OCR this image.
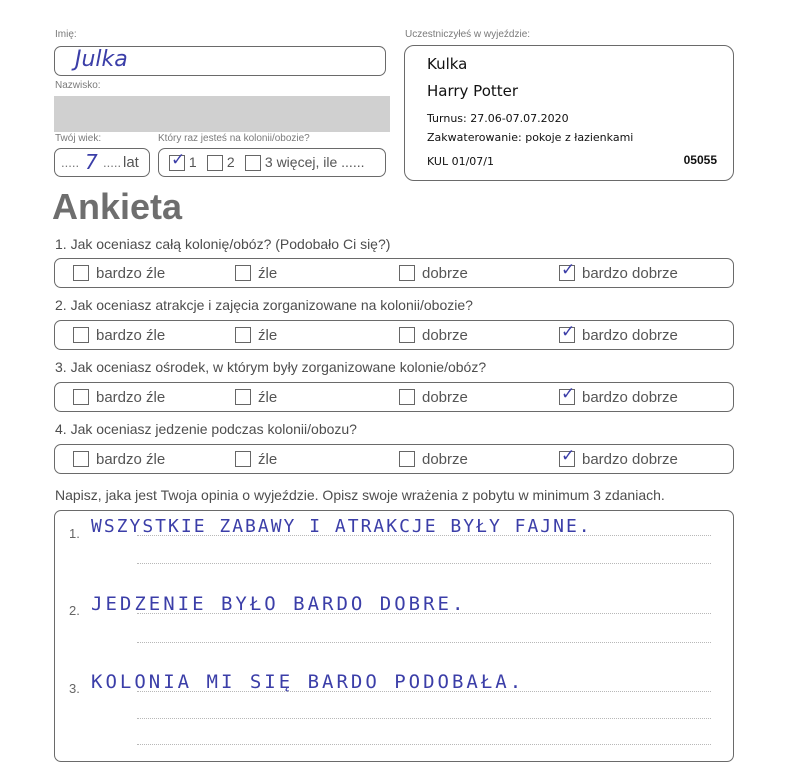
Imię:
Julka
Nazwisko:
Twój wiek:
..... 7 ..... lat
Który raz jesteś na kolonii/obozie?
✓ 1	2	3 więcej, ile ......
Uczestniczyłeś w wyjeździe:
Kulka
Harry Potter
Turnus: 27.06-07.07.2020
Zakwaterowanie: pokoje z łazienkami
KUL 01/07/1	05055
Ankieta
1. Jak oceniasz całą kolonię/obóz? (Podobało Ci się?)
bardzo źle	źle	dobrze	✓ bardzo dobrze
2. Jak oceniasz atrakcje i zajęcia zorganizowane na kolonii/obozie?
bardzo źle	źle	dobrze	✓ bardzo dobrze
3. Jak oceniasz ośrodek, w którym były zorganizowane kolonie/obóz?
bardzo źle	źle	dobrze	✓ bardzo dobrze
4. Jak oceniasz jedzenie podczas kolonii/obozu?
bardzo źle	źle	dobrze	✓ bardzo dobrze
Napisz, jaka jest Twoja opinia o wyjeździe. Opisz swoje wrażenia z pobytu w minimum 3 zdaniach.
1. WSZYSTKIE ZABAWY I ATRAKCJE BYŁY FAJNE.
2. JEDZENIE BYŁO BARDO DOBRE.
3. KOLONIA MI SIĘ BARDO PODOBAŁA.
